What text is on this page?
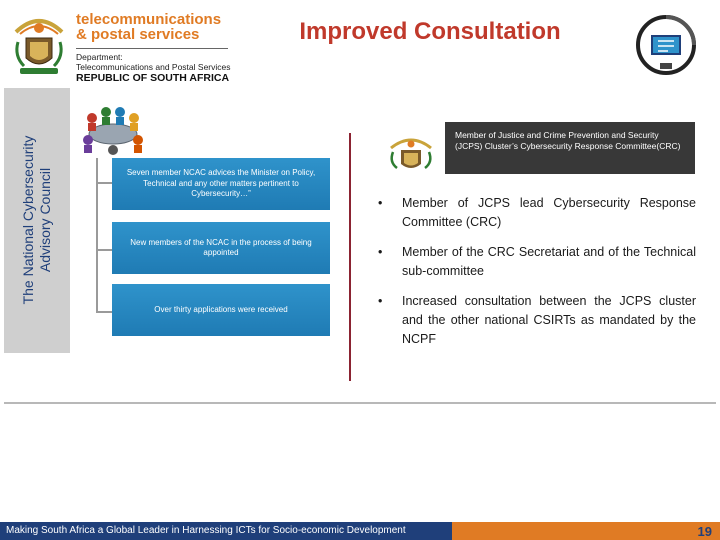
telecommunications
& postal services
Department:
Telecommunications and Postal Services
REPUBLIC OF SOUTH AFRICA
Improved Consultation
The National Cybersecurity Advisory Council	Seven member NCAC advices the Minister on Policy, Technical and any other matters pertinent to Cybersecurity…”
New members of the NCAC in the process of being appointed
Over thirty applications were received
Member of Justice and Crime Prevention and Security (JCPS) Cluster’s Cybersecurity Response Committee(CRC)
• Member of JCPS lead Cybersecurity Response Committee (CRC)
• Member of the CRC Secretariat and of the Technical sub-committee
• Increased consultation between the JCPS cluster and the other national CSIRTs as mandated by the NCPF
Making South Africa a Global Leader in Harnessing ICTs for Socio-economic Development	19
